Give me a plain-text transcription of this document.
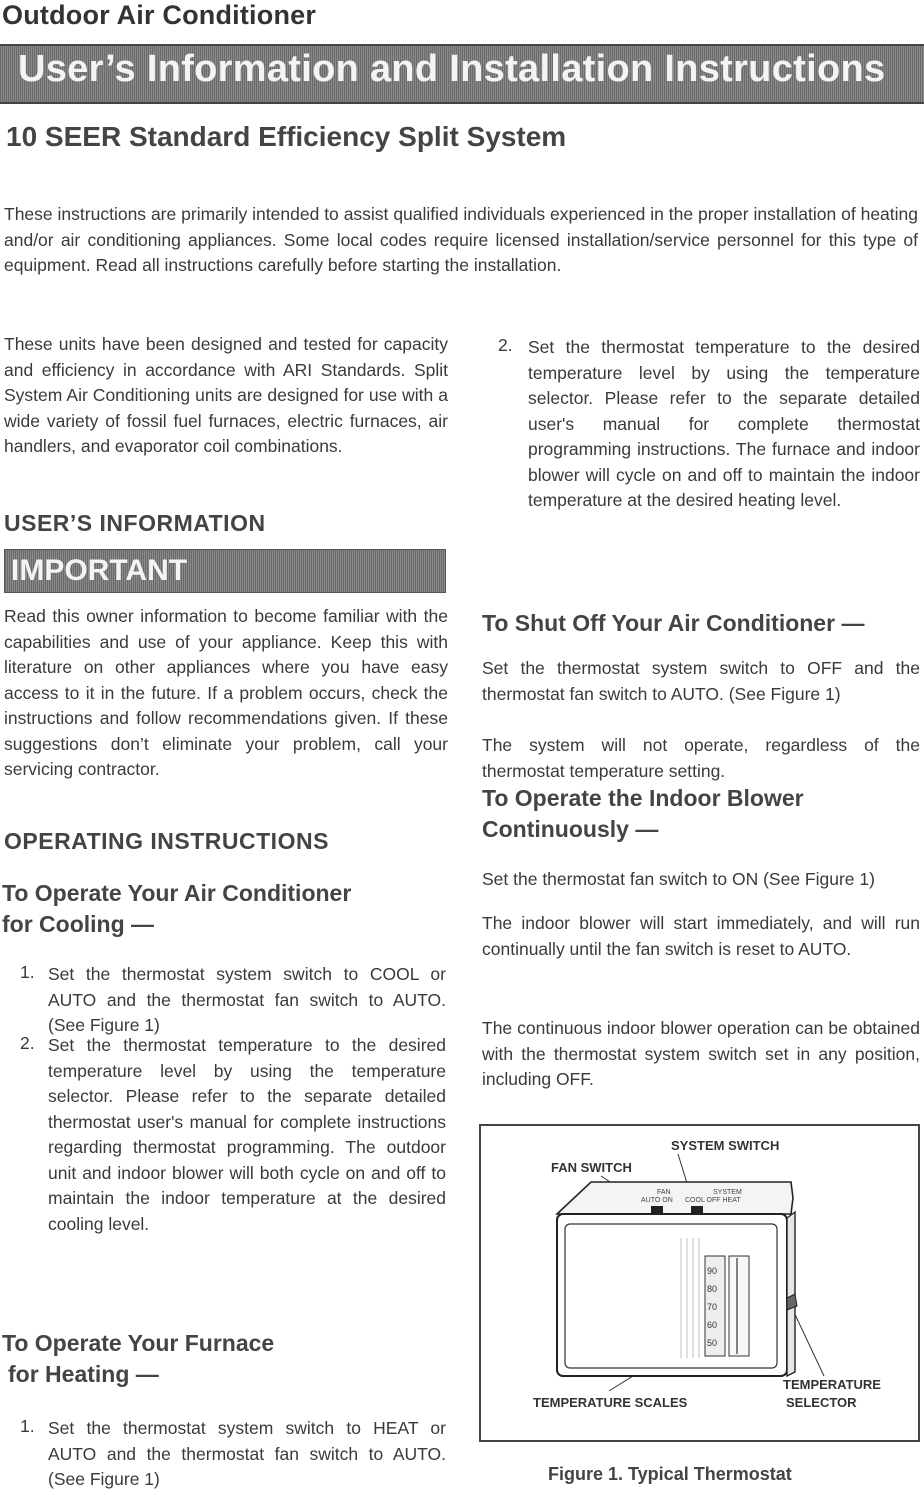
Outdoor Air Conditioner
User’s Information and Installation Instructions
10 SEER Standard Efficiency Split System
These instructions are primarily intended to assist qualified individuals experienced in the proper installation of heating and/or air conditioning appliances. Some local codes require licensed installation/service personnel for this type of equipment. Read all instructions carefully before starting the installation.
These units have been designed and tested for capacity and efficiency in accordance with ARI Standards. Split System Air Conditioning units are designed for use with a wide variety of fossil fuel furnaces, electric furnaces, air handlers, and evaporator coil combinations.
USER’S INFORMATION
IMPORTANT
Read this owner information to become familiar with the capabilities and use of your appliance. Keep this with literature on other appliances where you have easy access to it in the future. If a problem occurs, check the instructions and follow recommendations given. If these suggestions don’t eliminate your problem, call your servicing contractor.
OPERATING INSTRUCTIONS
To Operate Your Air Conditioner
for Cooling —
1. Set the thermostat system switch to COOL or AUTO and the thermostat fan switch to AUTO. (See Figure 1)
2. Set the thermostat temperature to the desired temperature level by using the temperature selector. Please refer to the separate detailed thermostat user's manual for complete instructions regarding thermostat programming. The outdoor unit and indoor blower will both cycle on and off to maintain the indoor temperature at the desired cooling level.
To Operate Your Furnace
for Heating —
1. Set the thermostat system switch to HEAT or AUTO and the thermostat fan switch to AUTO. (See Figure 1)
2. Set the thermostat temperature to the desired temperature level by using the temperature selector. Please refer to the separate detailed user's manual for complete thermostat programming instructions. The furnace and indoor blower will cycle on and off to maintain the indoor temperature at the desired heating level.
To Shut Off Your Air Conditioner —
Set the thermostat system switch to OFF and the thermostat fan switch to AUTO. (See Figure 1)
The system will not operate, regardless of the thermostat temperature setting.
To Operate the Indoor Blower
Continuously —
Set the thermostat fan switch to ON (See Figure 1)
The indoor blower will start immediately, and will run continually until the fan switch is reset to AUTO.
The continuous indoor blower operation can be obtained with the thermostat system switch set in any position, including OFF.
SYSTEM SWITCH
FAN SWITCH
TEMPERATURE SCALES
TEMPERATURE
SELECTOR
FAN
AUTO ON
SYSTEM
COOL OFF HEAT
90
80
70
60
50
Figure 1. Typical Thermostat
